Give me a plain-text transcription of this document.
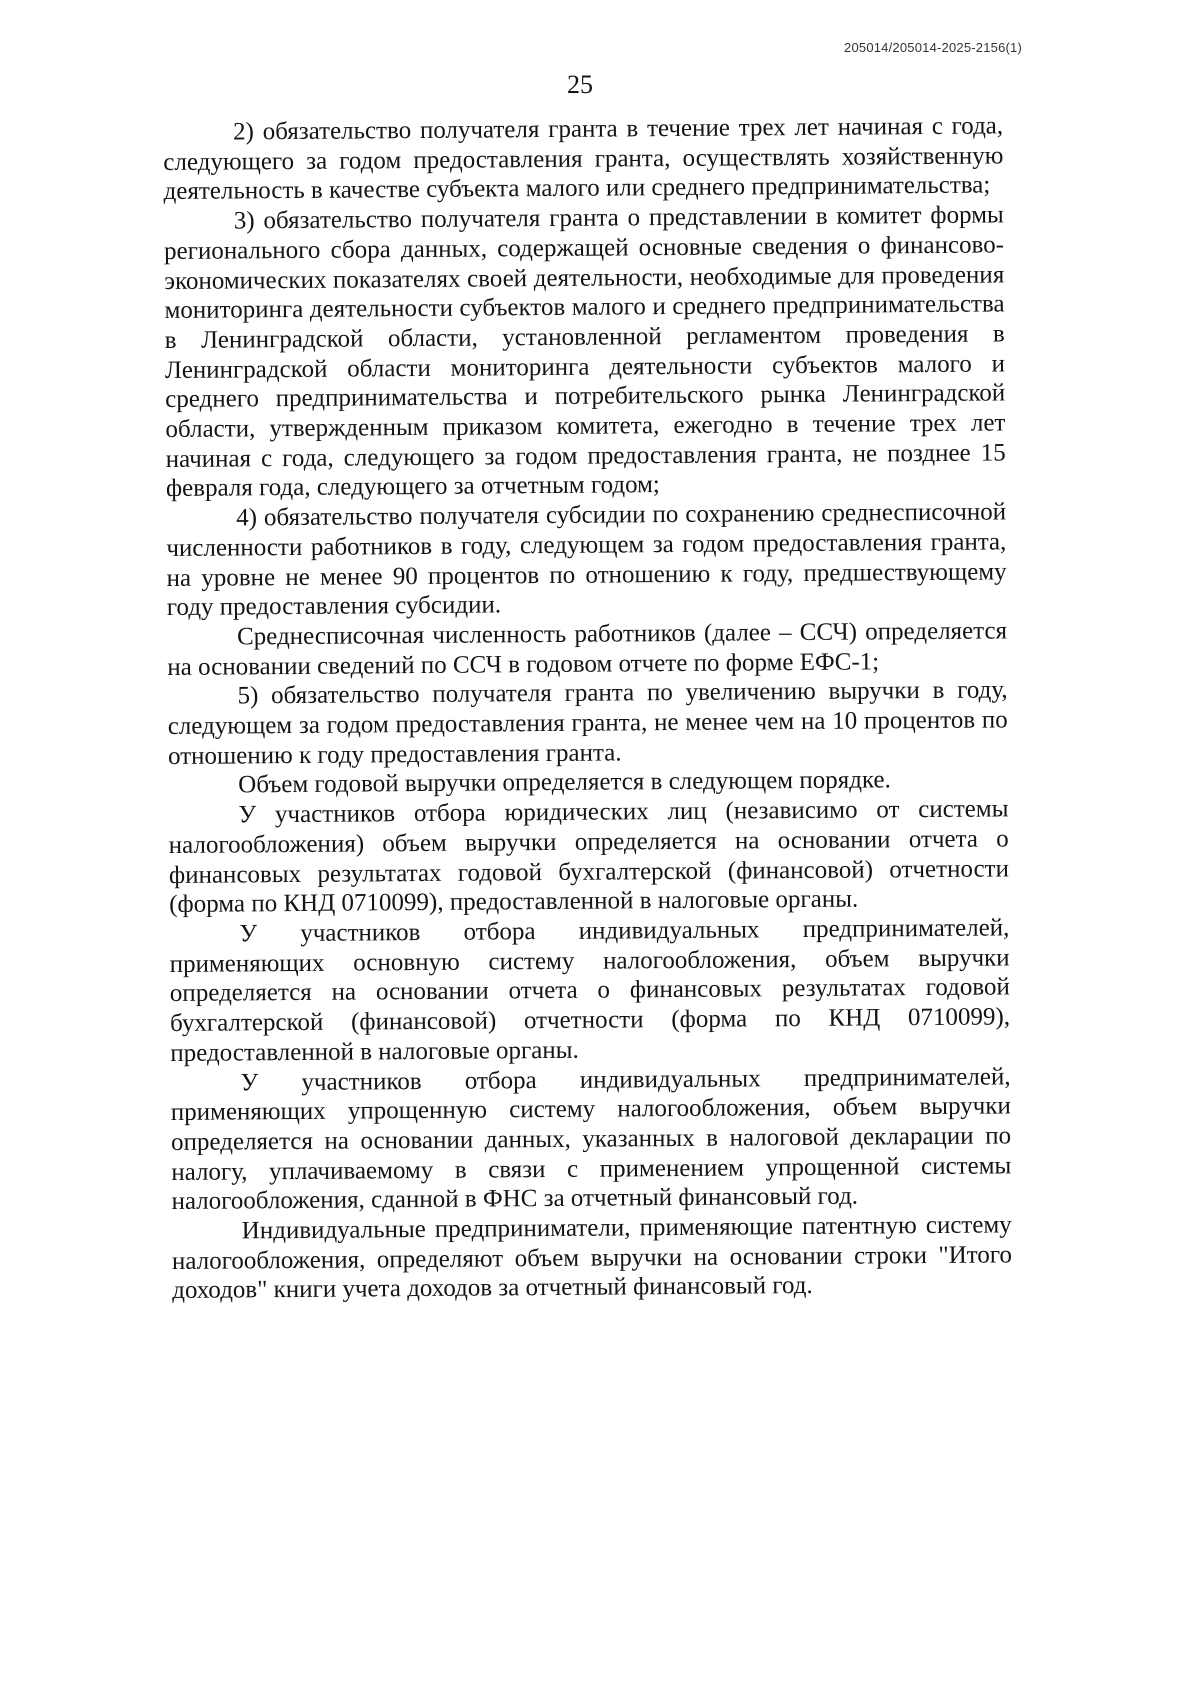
205014/205014-2025-2156(1)
25

2) обязательство получателя гранта в течение трех лет начиная с года, следующего за годом предоставления гранта, осуществлять хозяйственную деятельность в качестве субъекта малого или среднего предпринимательства;

3) обязательство получателя гранта о представлении в комитет формы регионального сбора данных, содержащей основные сведения о финансово-экономических показателях своей деятельности, необходимые для проведения мониторинга деятельности субъектов малого и среднего предпринимательства в Ленинградской области, установленной регламентом проведения в Ленинградской области мониторинга деятельности субъектов малого и среднего предпринимательства и потребительского рынка Ленинградской области, утвержденным приказом комитета, ежегодно в течение трех лет начиная с года, следующего за годом предоставления гранта, не позднее 15 февраля года, следующего за отчетным годом;

4) обязательство получателя субсидии по сохранению среднесписочной численности работников в году, следующем за годом предоставления гранта, на уровне не менее 90 процентов по отношению к году, предшествующему году предоставления субсидии.

Среднесписочная численность работников (далее – ССЧ) определяется на основании сведений по ССЧ в годовом отчете по форме ЕФС-1;

5) обязательство получателя гранта по увеличению выручки в году, следующем за годом предоставления гранта, не менее чем на 10 процентов по отношению к году предоставления гранта.

Объем годовой выручки определяется в следующем порядке.

У участников отбора юридических лиц (независимо от системы налогообложения) объем выручки определяется на основании отчета о финансовых результатах годовой бухгалтерской (финансовой) отчетности (форма по КНД 0710099), предоставленной в налоговые органы.

У участников отбора индивидуальных предпринимателей, применяющих основную систему налогообложения, объем выручки определяется на основании отчета о финансовых результатах годовой бухгалтерской (финансовой) отчетности (форма по КНД 0710099), предоставленной в налоговые органы.

У участников отбора индивидуальных предпринимателей, применяющих упрощенную систему налогообложения, объем выручки определяется на основании данных, указанных в налоговой декларации по налогу, уплачиваемому в связи с применением упрощенной системы налогообложения, сданной в ФНС за отчетный финансовый год.

Индивидуальные предприниматели, применяющие патентную систему налогообложения, определяют объем выручки на основании строки "Итого доходов" книги учета доходов за отчетный финансовый год.
